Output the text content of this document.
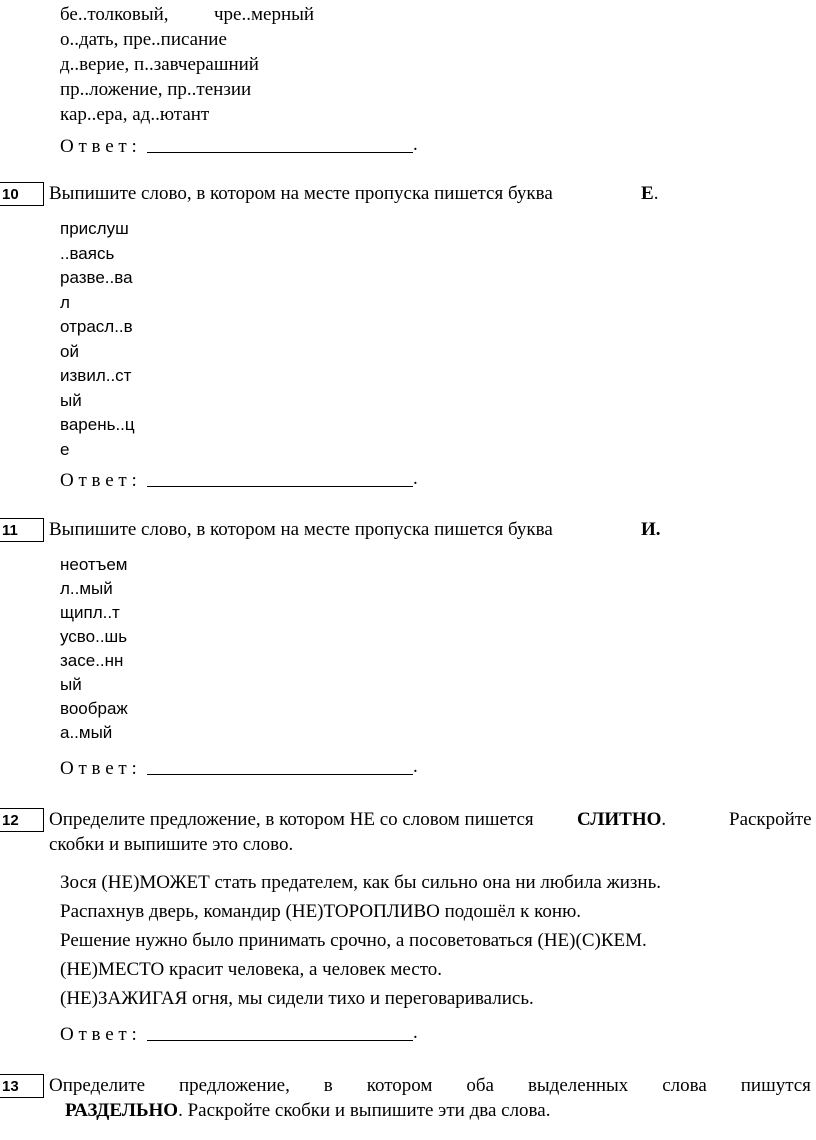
бе..толковый, чре..мерный
о..дать, пре..писание
д..верие, п..завчерашний
пр..ложение, пр..тензии
кар..ера, ад..ютант
О т в е т :	.
10	Выпишите слово, в котором на месте пропуска пишется буква	Е.
прислуш
..ваясь
разве..ва
л
отрасл..в
ой
извил..ст
ый
варень..ц
е
О т в е т :	.
11	Выпишите слово, в котором на месте пропуска пишется буква	И.
неотъем
л..мый
щипл..т
усво..шь
засе..нн
ый
воображ
а..мый
О т в е т :	.
12	Определите предложение, в котором НЕ со словом пишется СЛИТНО.	Раскройте
скобки и выпишите это слово.
Зося (НЕ)МОЖЕТ стать предателем, как бы сильно она ни любила жизнь.
Распахнув дверь, командир (НЕ)ТОРОПЛИВО подошёл к коню.
Решение нужно было принимать срочно, а посоветоваться (НЕ)(С)КЕМ.
(НЕ)МЕСТО красит человека, а человек место.
(НЕ)ЗАЖИГАЯ огня, мы сидели тихо и переговаривались.
О т в е т :	.
13	Определите предложение, в котором оба выделенных слова пишутся
РАЗДЕЛЬНО. Раскройте скобки и выпишите эти два слова.
